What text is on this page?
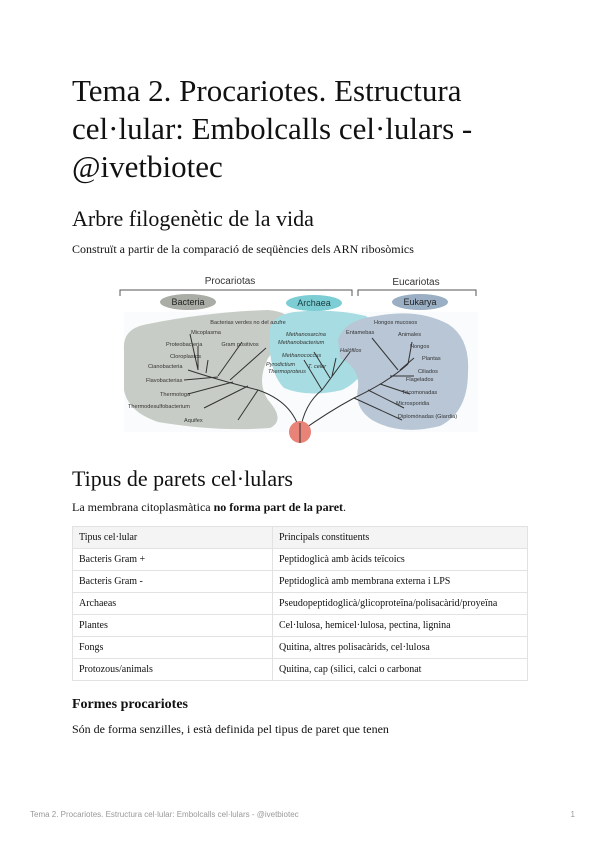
Tema 2. Procariotes. Estructura cel·lular: Embolcalls cel·lulars - @ivetbiotec
Arbre filogenètic de la vida

Construït a partir de la comparació de seqüències dels ARN ribosòmics

Procariotas	Eucariotas
Bacteria	Archaea	Eukarya
Bacterias verdes no del azufre
Micoplasma
Gram positivos
Proteobacteria
Cloroplastos
Cianobacteria
Flavobacterias
Thermotoga
Thermodesulfobacterium
Aquifex
Methanosarcina
Methanobacterium
Methanococcus
Halófilos
Pyrodictium
Thermoproteus
T. celer
Hongos mucosos
Entamebas	Animales
Hongos
Plantas
Ciliados
Flagelados
Tricomonadas
Microsporidia
Diplomónadas (Giardia)
Tipus de parets cel·lulars

La membrana citoplasmàtica no forma part de la paret.

Tipus cel·lular	Principals constituents
Bacteris Gram +	Peptidoglicà amb àcids teïcoics
Bacteris Gram -	Peptidoglicà amb membrana externa i LPS
Archaeas	Pseudopeptidoglicà/glicoproteïna/polisacàrid/proyeïna
Plantes	Cel·lulosa, hemicel·lulosa, pectina, lignina
Fongs	Quitina, altres polisacàrids, cel·lulosa
Protozous/animals	Quitina, cap (silici, calci o carbonat
Formes procariotes

Són de forma senzilles, i està definida pel tipus de paret que tenen

Tema 2. Procariotes. Estructura cel·lular: Embolcalls cel·lulars - @ivetbiotec	1
